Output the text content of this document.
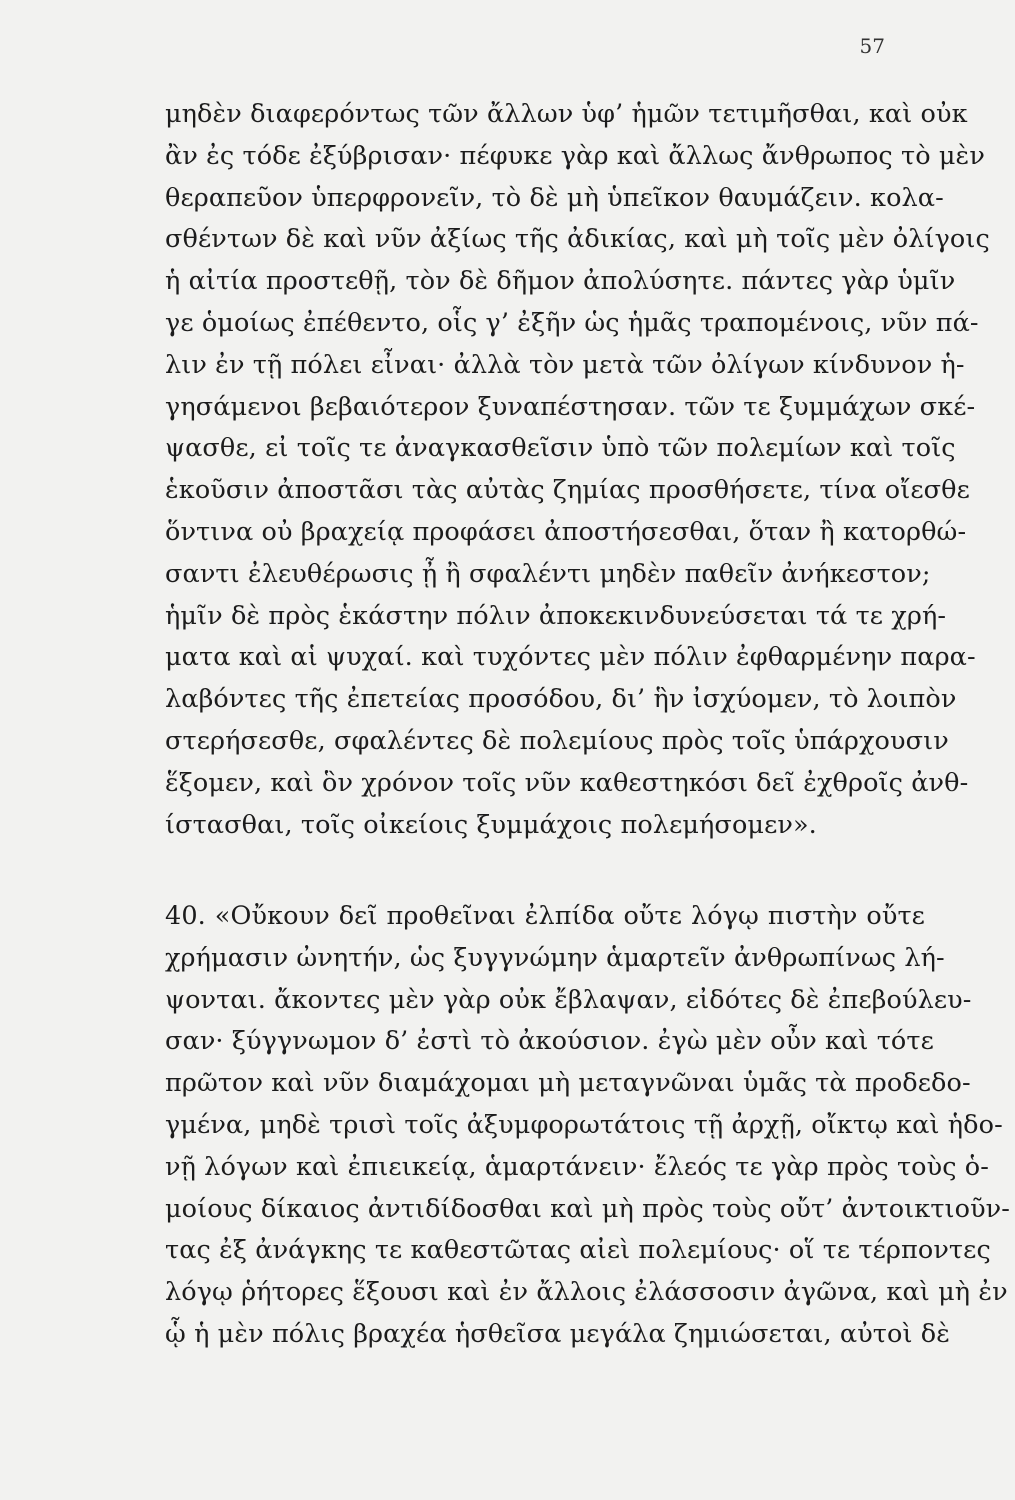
57
μηδὲν διαφερόντως τῶν ἄλλων ὑφ’ ἡμῶν τετιμῆσθαι, καὶ οὐκ
ἂν ἐς τόδε ἐξύβρισαν· πέφυκε γὰρ καὶ ἄλλως ἄνθρωπος τὸ μὲν
θεραπεῦον ὑπερφρονεῖν, τὸ δὲ μὴ ὑπεῖκον θαυμάζειν. κολα-
σθέντων δὲ καὶ νῦν ἀξίως τῆς ἀδικίας, καὶ μὴ τοῖς μὲν ὀλίγοις
ἡ αἰτία προστεθῇ, τὸν δὲ δῆμον ἀπολύσητε. πάντες γὰρ ὑμῖν
γε ὁμοίως ἐπέθεντο, οἷς γ’ ἐξῆν ὡς ἡμᾶς τραπομένοις, νῦν πά-
λιν ἐν τῇ πόλει εἶναι· ἀλλὰ τὸν μετὰ τῶν ὀλίγων κίνδυνον ἡ-
γησάμενοι βεβαιότερον ξυναπέστησαν. τῶν τε ξυμμάχων σκέ-
ψασθε, εἰ τοῖς τε ἀναγκασθεῖσιν ὑπὸ τῶν πολεμίων καὶ τοῖς
ἑκοῦσιν ἀποστᾶσι τὰς αὐτὰς ζημίας προσθήσετε, τίνα οἴεσθε
ὅντινα οὐ βραχείᾳ προφάσει ἀποστήσεσθαι, ὅταν ἢ κατορθώ-
σαντι ἐλευθέρωσις ᾖ ἢ σφαλέντι μηδὲν παθεῖν ἀνήκεστον;
ἡμῖν δὲ πρὸς ἑκάστην πόλιν ἀποκεκινδυνεύσεται τά τε χρή-
ματα καὶ αἱ ψυχαί. καὶ τυχόντες μὲν πόλιν ἐφθαρμένην παρα-
λαβόντες τῆς ἐπετείας προσόδου, δι’ ἣν ἰσχύομεν, τὸ λοιπὸν
στερήσεσθε, σφαλέντες δὲ πολεμίους πρὸς τοῖς ὑπάρχουσιν
ἕξομεν, καὶ ὃν χρόνον τοῖς νῦν καθεστηκόσι δεῖ ἐχθροῖς ἀνθ-
ίστασθαι, τοῖς οἰκείοις ξυμμάχοις πολεμήσομεν».
40. «Οὔκουν δεῖ προθεῖναι ἐλπίδα οὔτε λόγῳ πιστὴν οὔτε
χρήμασιν ὠνητήν, ὡς ξυγγνώμην ἁμαρτεῖν ἀνθρωπίνως λή-
ψονται. ἄκοντες μὲν γὰρ οὐκ ἔβλαψαν, εἰδότες δὲ ἐπεβούλευ-
σαν· ξύγγνωμον δ’ ἐστὶ τὸ ἀκούσιον. ἐγὼ μὲν οὖν καὶ τότε
πρῶτον καὶ νῦν διαμάχομαι μὴ μεταγνῶναι ὑμᾶς τὰ προδεδο-
γμένα, μηδὲ τρισὶ τοῖς ἀξυμφορωτάτοις τῇ ἀρχῇ, οἴκτῳ καὶ ἡδο-
νῇ λόγων καὶ ἐπιεικείᾳ, ἁμαρτάνειν· ἔλεός τε γὰρ πρὸς τοὺς ὁ-
μοίους δίκαιος ἀντιδίδοσθαι καὶ μὴ πρὸς τοὺς οὔτ’ ἀντοικτιοῦν-
τας ἐξ ἀνάγκης τε καθεστῶτας αἰεὶ πολεμίους· οἵ τε τέρποντες
λόγῳ ῥήτορες ἕξουσι καὶ ἐν ἄλλοις ἐλάσσοσιν ἀγῶνα, καὶ μὴ ἐν
ᾧ ἡ μὲν πόλις βραχέα ἡσθεῖσα μεγάλα ζημιώσεται, αὐτοὶ δὲ
